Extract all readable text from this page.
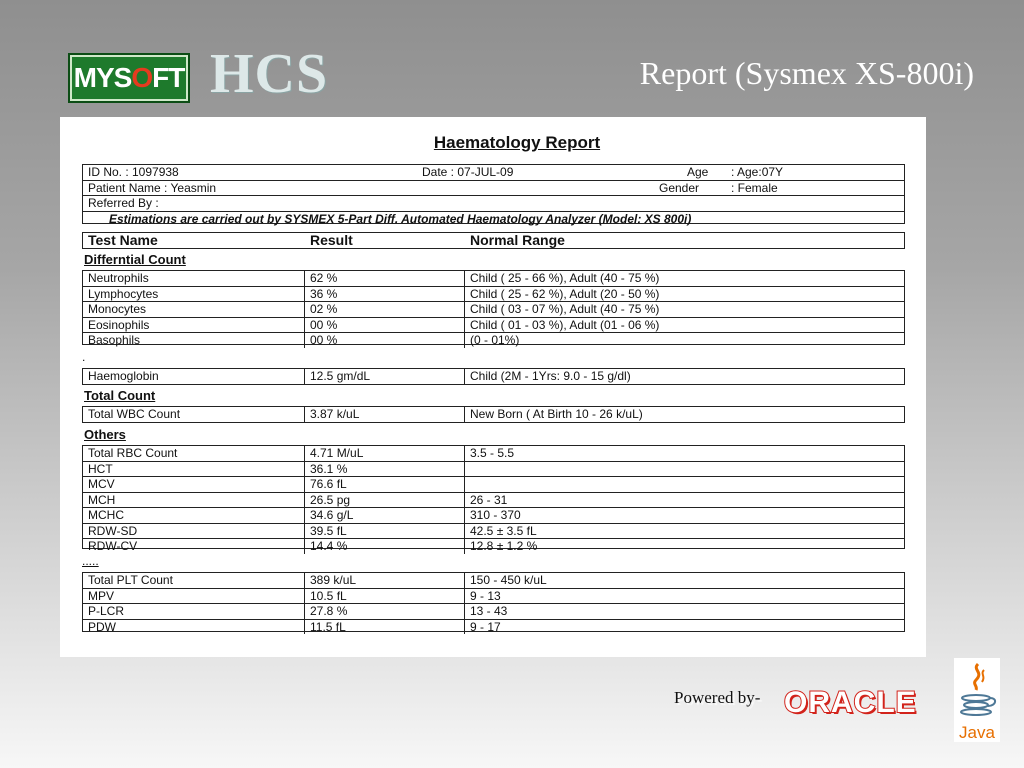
MYSOFT HCS	Report (Sysmex XS-800i)
Haematology Report
ID No. : 1097938	Date : 07-JUL-09	Age : Age:07Y
Patient Name : Yeasmin	Gender	: Female
Referred By :
Estimations are carried out by SYSMEX 5-Part Diff. Automated Haematology Analyzer (Model: XS 800i)
Test Name	Result	Normal Range
Differntial Count
Neutrophils	62 %	Child ( 25 - 66 %), Adult (40 - 75 %)
Lymphocytes	36 %	Child ( 25 - 62 %), Adult (20 - 50 %)
Monocytes	02 %	Child ( 03 - 07 %), Adult (40 - 75 %)
Eosinophils	00 %	Child ( 01 - 03 %), Adult (01 - 06 %)
Basophils	00 %	(0 - 01%)
.
Haemoglobin	12.5 gm/dL	Child (2M - 1Yrs: 9.0 - 15 g/dl)
Total Count
Total WBC Count	3.87 k/uL	New Born ( At Birth 10 - 26 k/uL)
Others
Total RBC Count	4.71 M/uL	3.5 - 5.5
HCT	36.1 %
MCV	76.6 fL
MCH	26.5 pg	26 - 31
MCHC	34.6 g/L	310 - 370
RDW-SD	39.5 fL	42.5 ± 3.5 fL
RDW-CV	14.4 %	12.8 ± 1.2 %
.....
Total PLT Count	389 k/uL	150 - 450 k/uL
MPV	10.5 fL	9 - 13
P-LCR	27.8 %	13 - 43
PDW	11.5 fL	9 - 17
Powered by- ORACLE
Java
